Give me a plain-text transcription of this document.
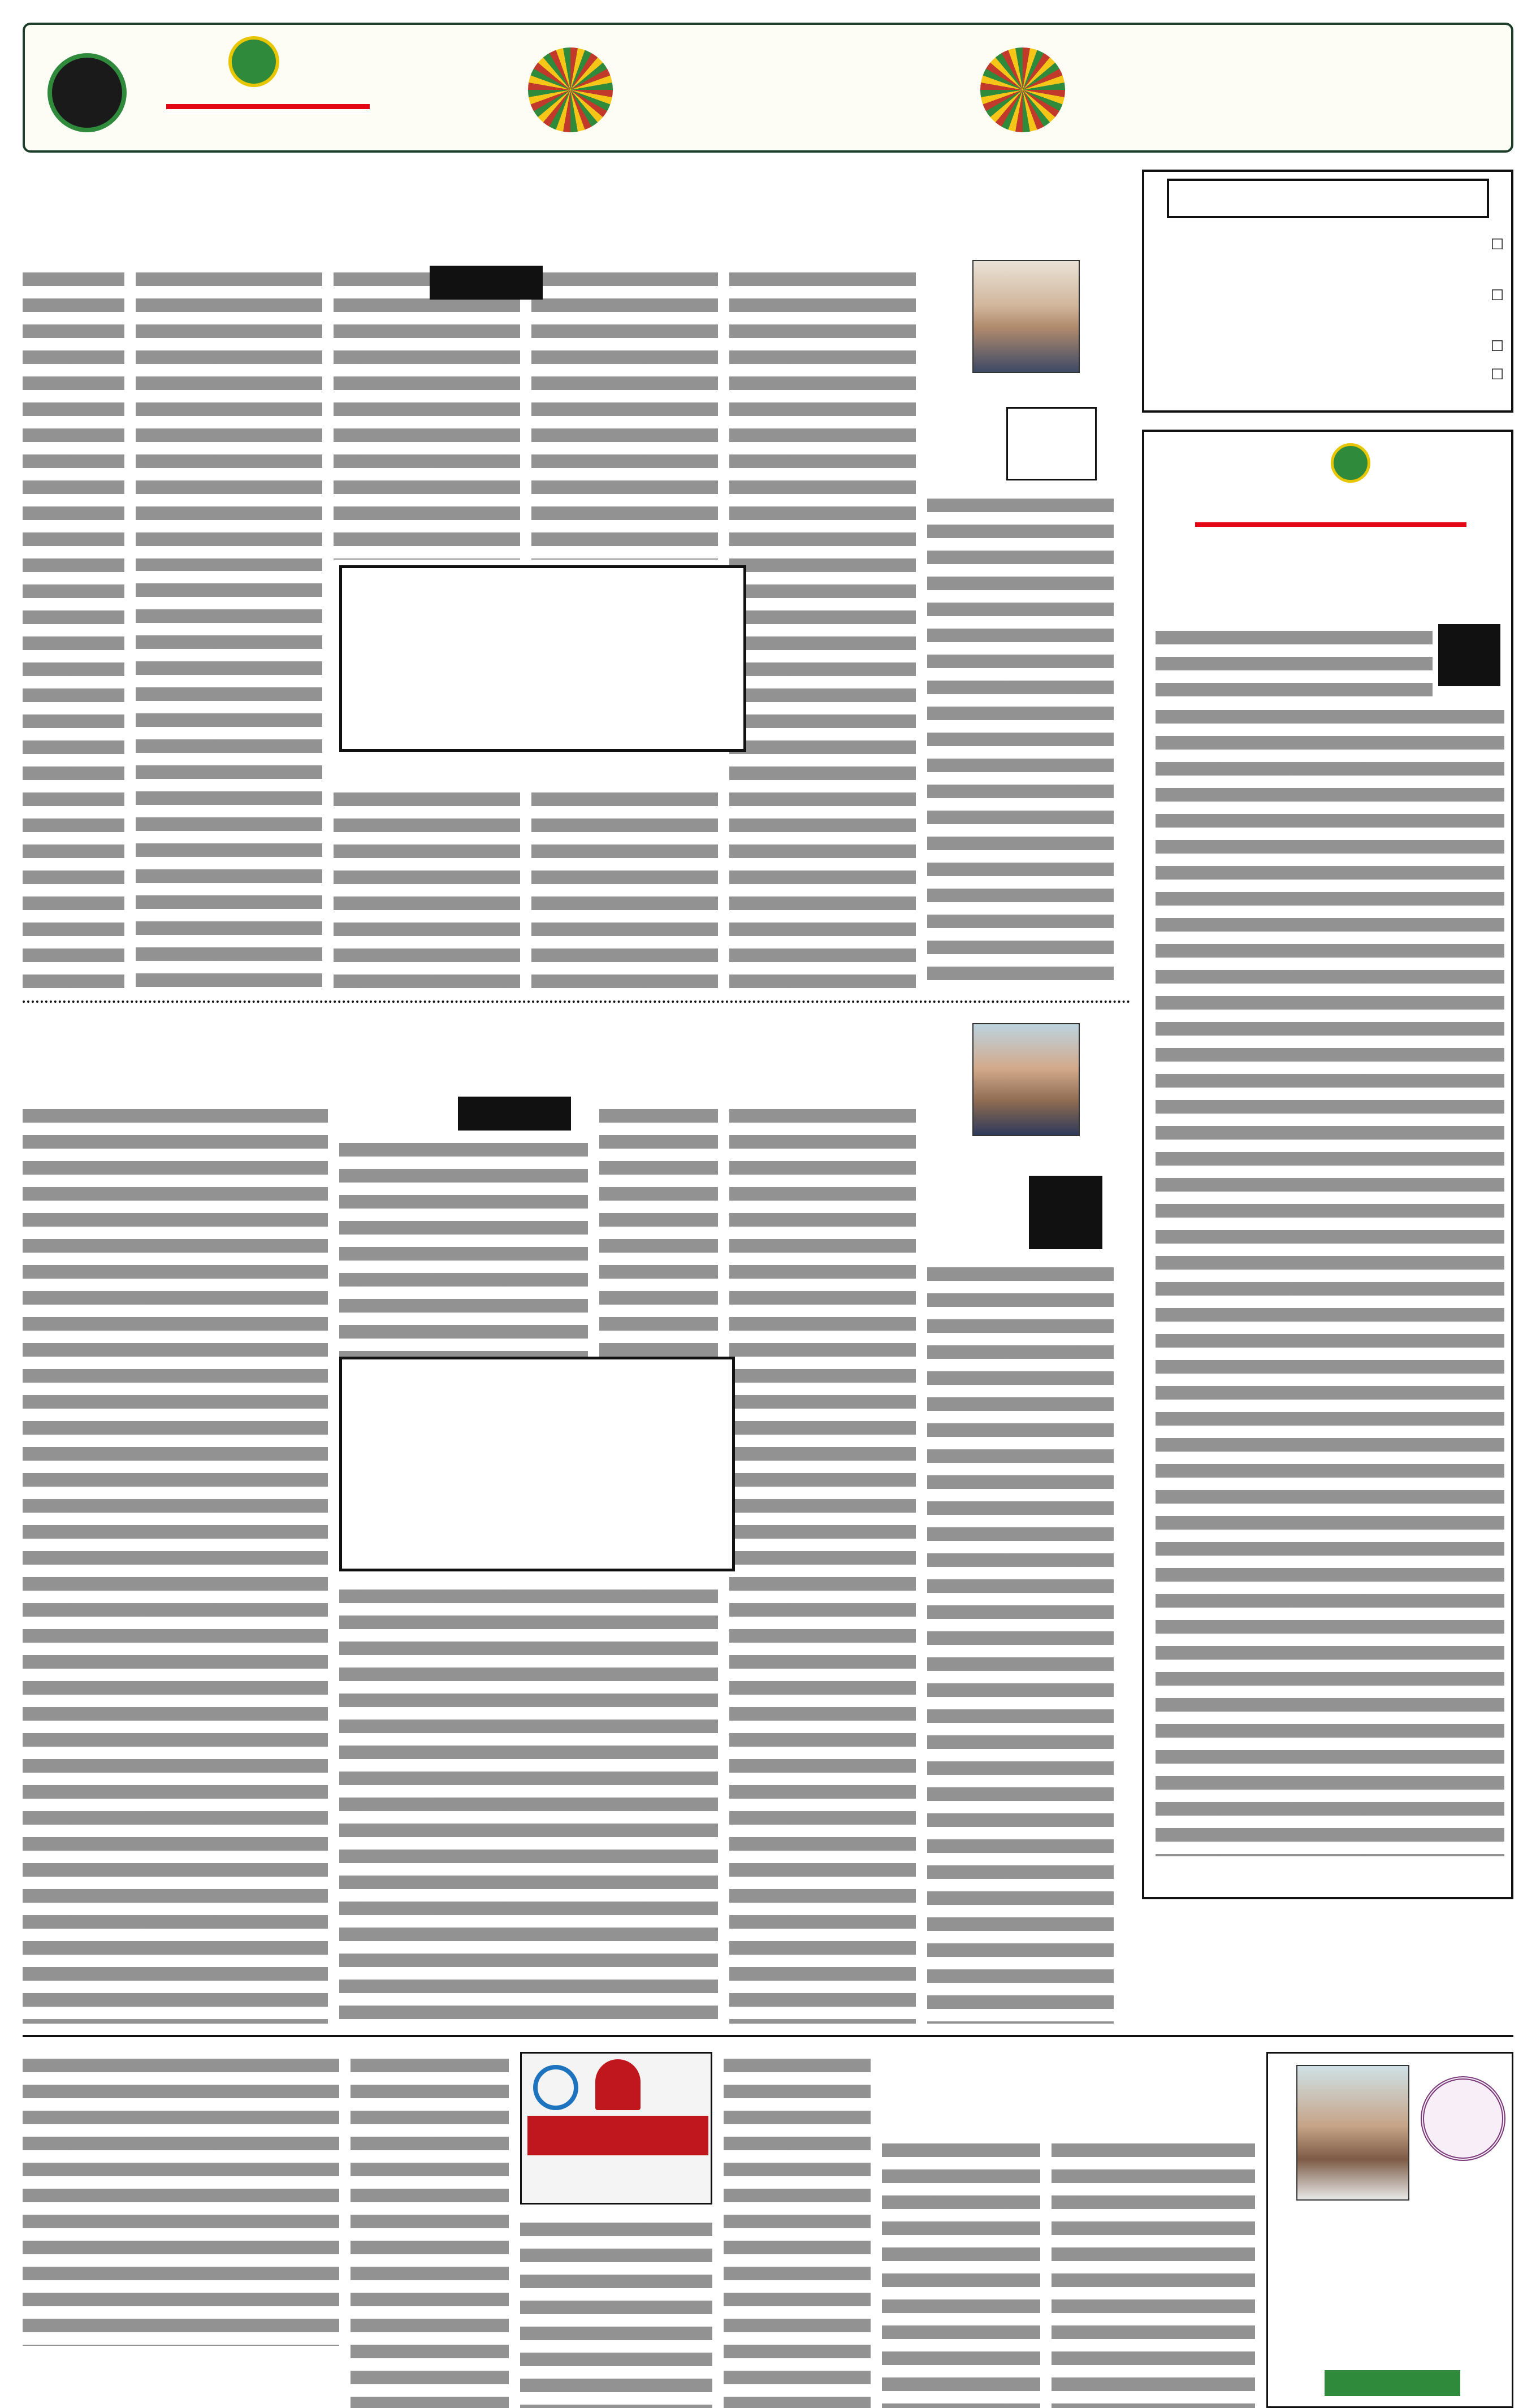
☐
☐
☐
☐
